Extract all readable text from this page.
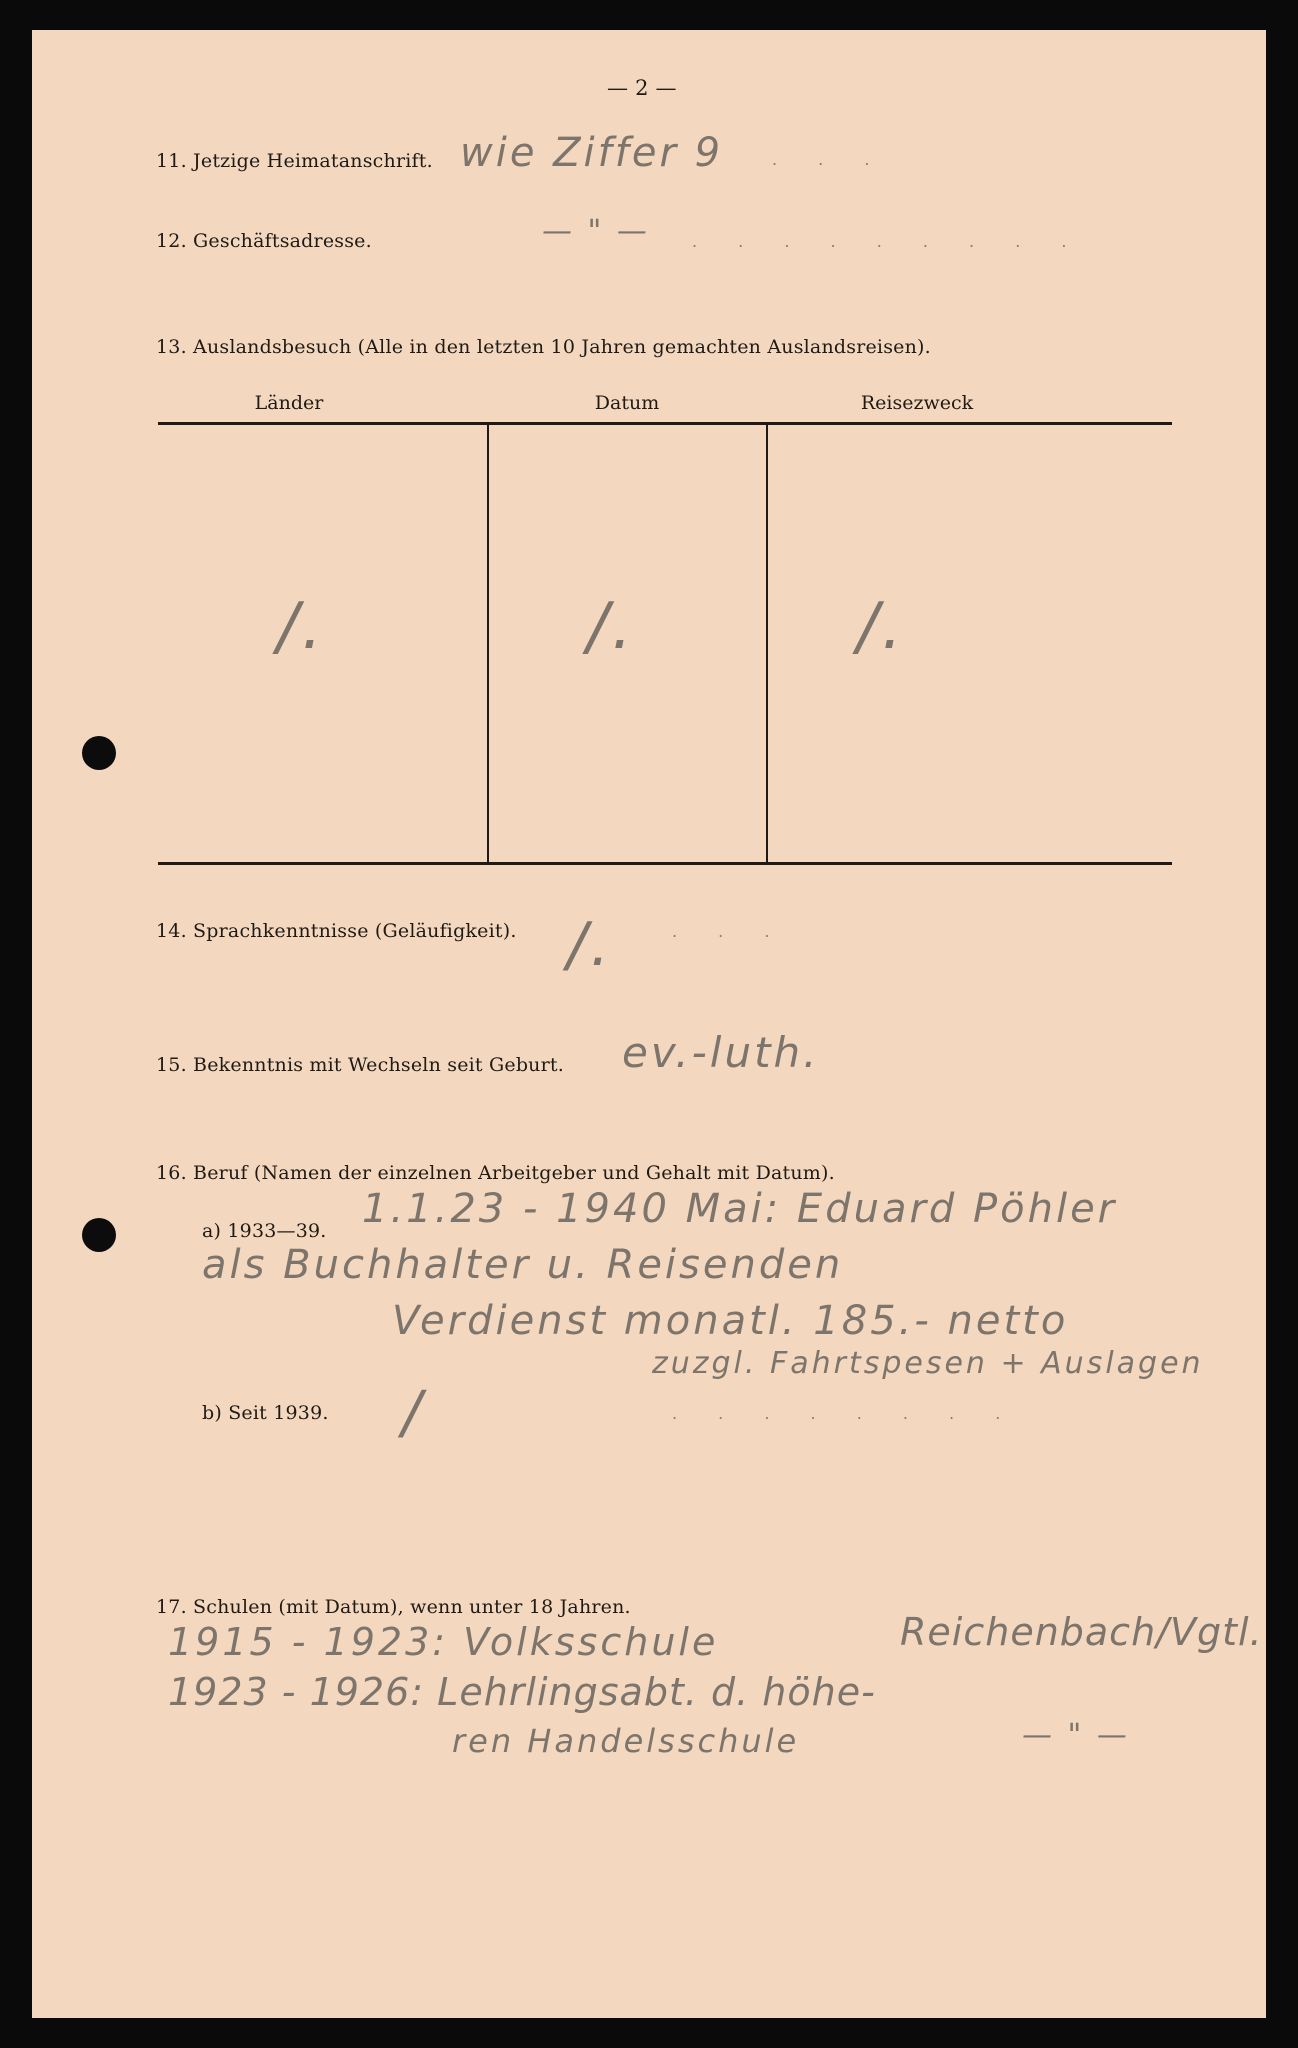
— 2 —
11. Jetzige Heimatanschrift. wie Ziffer 9	. . .
12. Geschäftsadresse.	— " —	. . . . . . . . .
13. Auslandsbesuch (Alle in den letzten 10 Jahren gemachten Auslandsreisen).
Länder	Datum	Reisezweck
/.	/.	/.
14. Sprachkenntnisse (Geläufigkeit). /.	. . .
15. Bekenntnis mit Wechseln seit Geburt. ev.-luth.
16. Beruf (Namen der einzelnen Arbeitgeber und Gehalt mit Datum).
a) 1933—39. 1.1.23 - 1940 Mai: Eduard Pöhler
als Buchhalter u. Reisenden
Verdienst monatl. 185.- netto
zuzgl. Fahrtspesen + Auslagen
b) Seit 1939. /	. . . . . . . .
17. Schulen (mit Datum), wenn unter 18 Jahren.
1915 - 1923: Volksschule	Reichenbach/Vgtl.
1923 - 1926: Lehrlingsabt. d. höhe-
ren Handelsschule	— " —
